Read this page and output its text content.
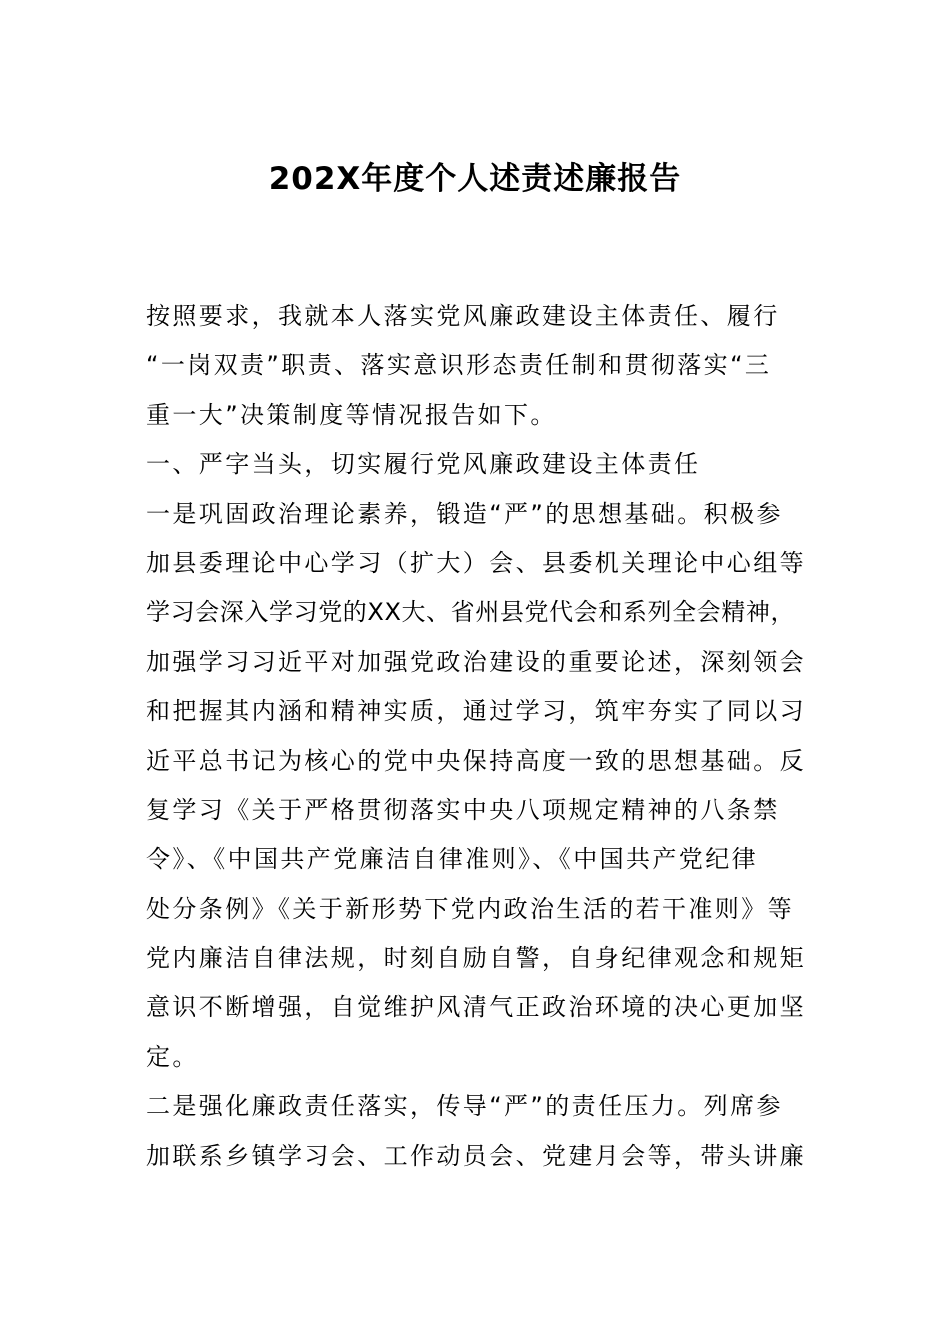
202X年度个人述责述廉报告
按照要求，我就本人落实党风廉政建设主体责任、履行
“一岗双责”职责、落实意识形态责任制和贯彻落实“三
重一大”决策制度等情况报告如下。
一、严字当头，切实履行党风廉政建设主体责任
一是巩固政治理论素养，锻造“严”的思想基础。积极参
加县委理论中心学习（扩大）会、县委机关理论中心组等
学习会深入学习党的XX大、省州县党代会和系列全会精神，
加强学习习近平对加强党政治建设的重要论述，深刻领会
和把握其内涵和精神实质，通过学习，筑牢夯实了同以习
近平总书记为核心的党中央保持高度一致的思想基础。反
复学习《关于严格贯彻落实中央八项规定精神的八条禁
令》、《中国共产党廉洁自律准则》、《中国共产党纪律
处分条例》《关于新形势下党内政治生活的若干准则》等
党内廉洁自律法规，时刻自励自警，自身纪律观念和规矩
意识不断增强，自觉维护风清气正政治环境的决心更加坚
定。
二是强化廉政责任落实，传导“严”的责任压力。列席参
加联系乡镇学习会、工作动员会、党建月会等，带头讲廉
